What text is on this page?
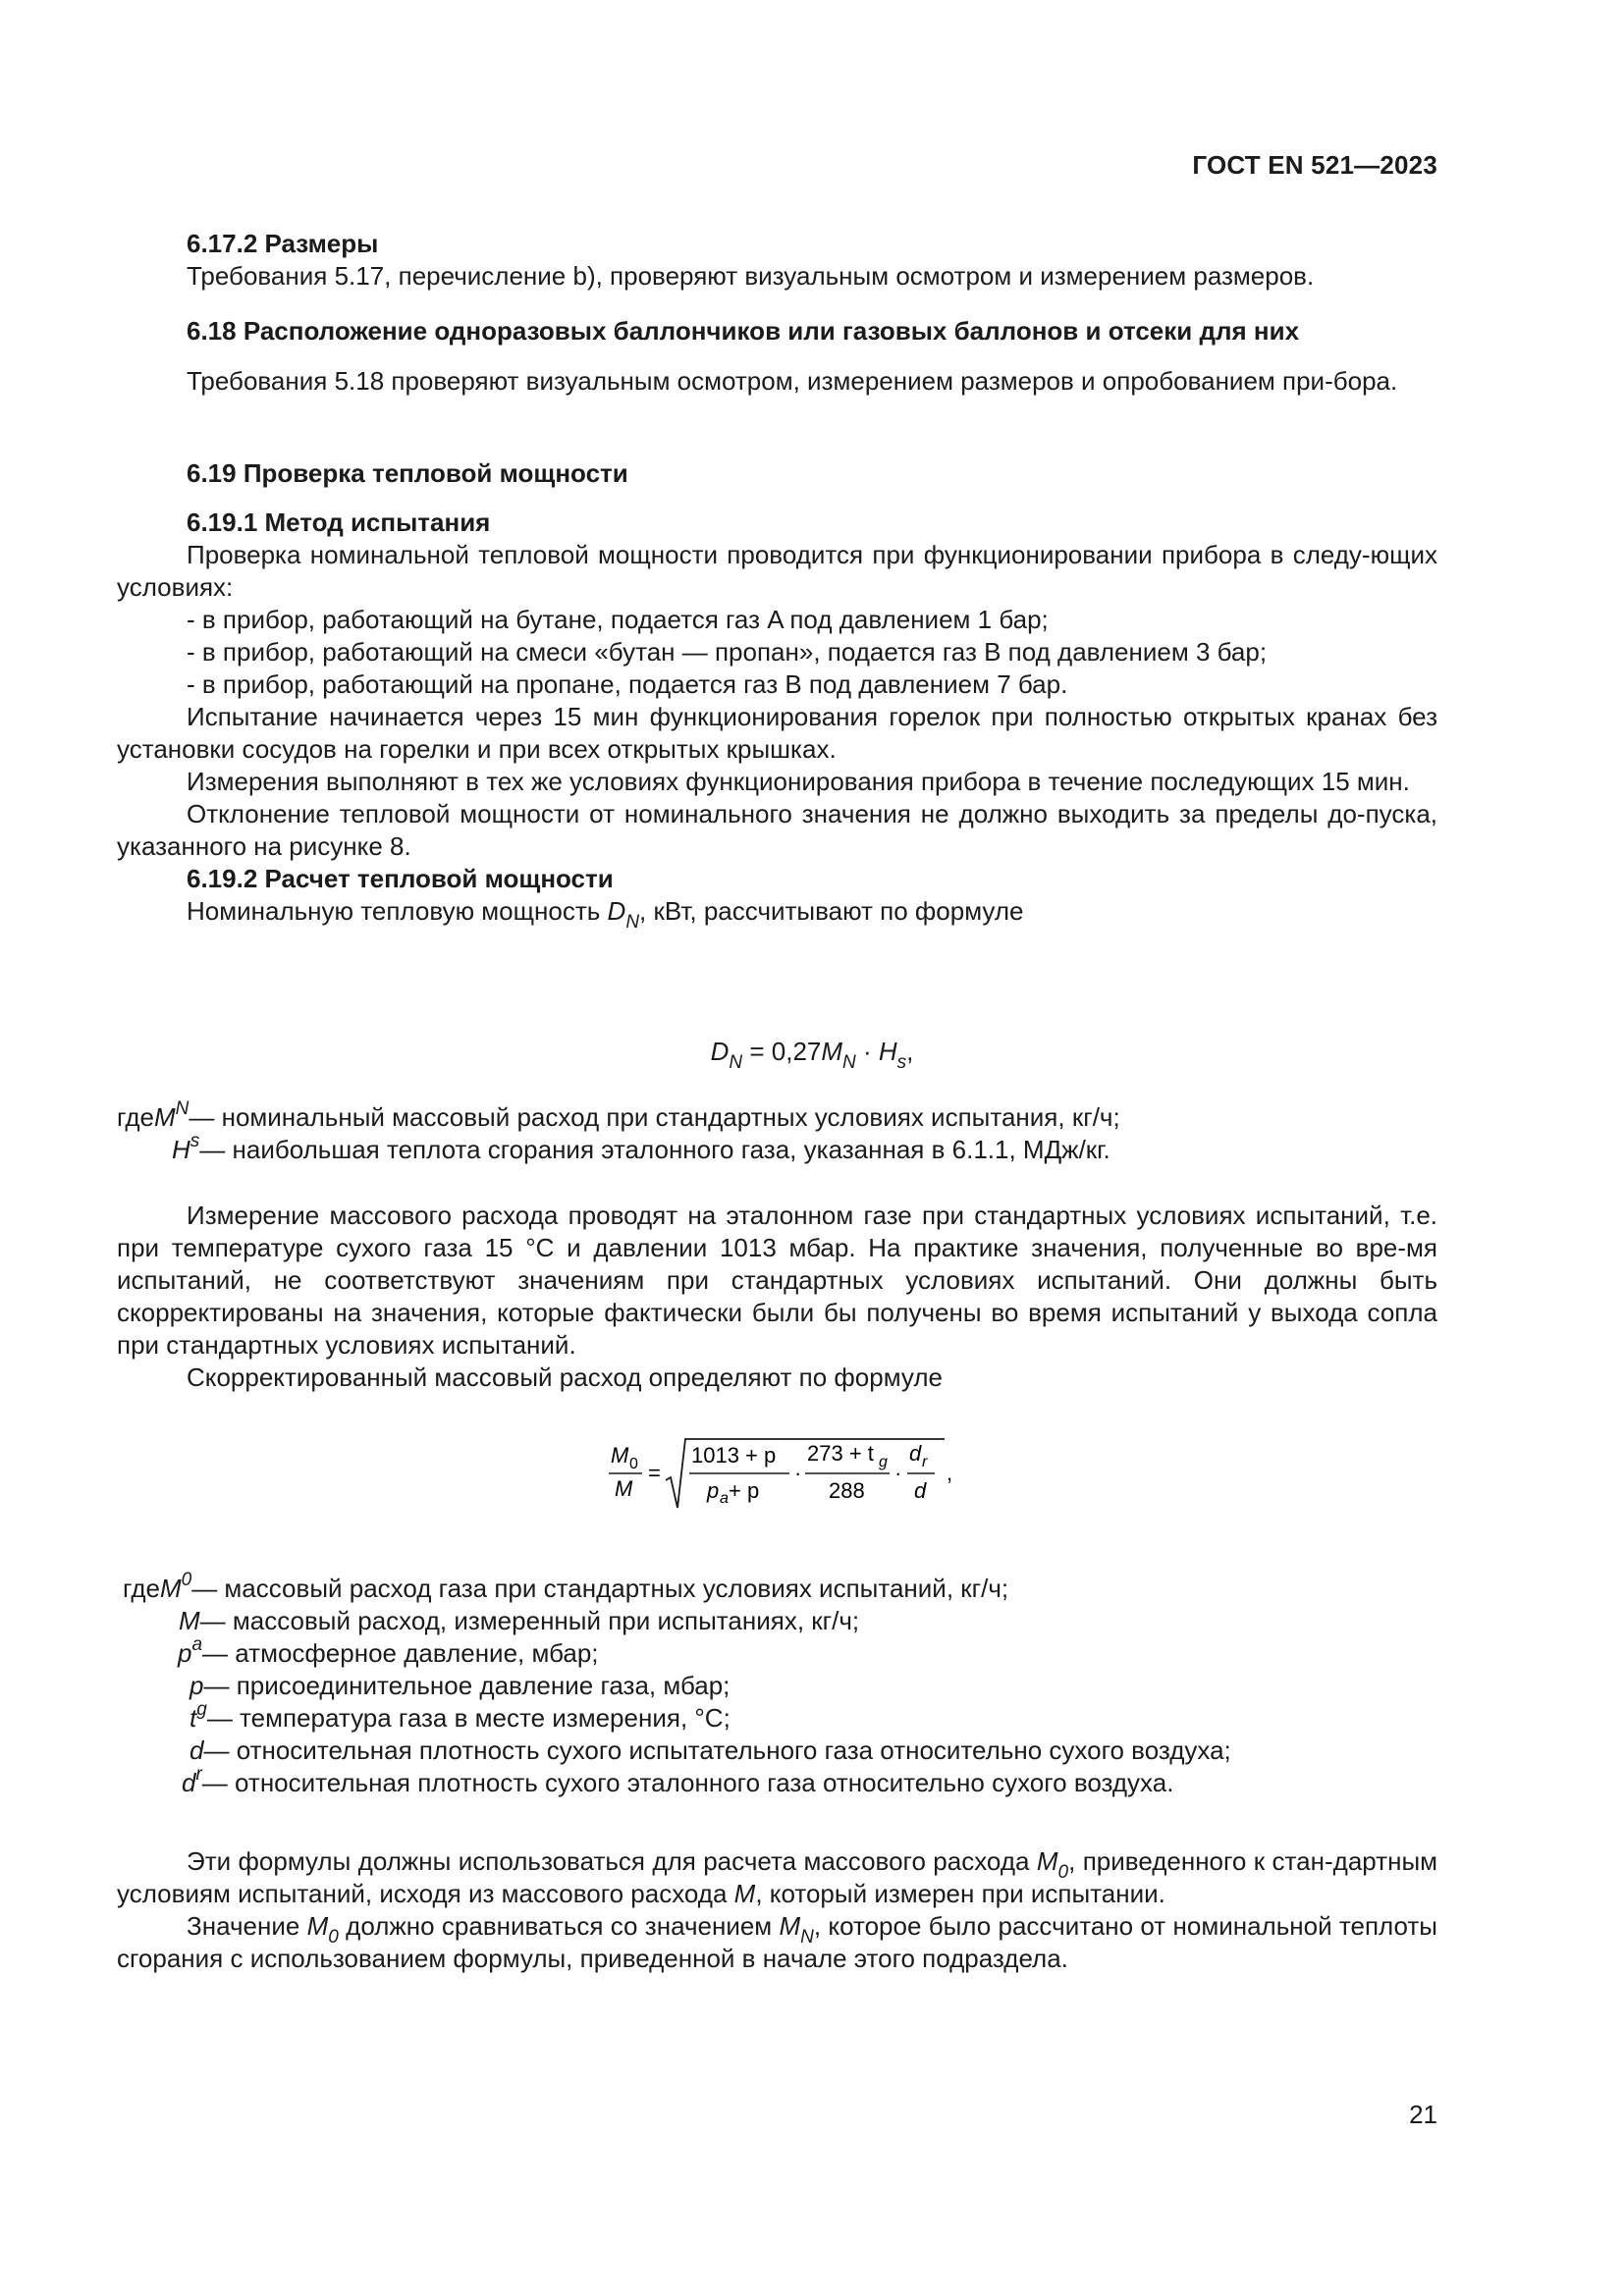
ГОСТ EN 521—2023

6.17.2 Размеры

Требования 5.17, перечисление b), проверяют визуальным осмотром и измерением размеров.

6.18 Расположение одноразовых баллончиков или газовых баллонов и отсеки для них

Требования 5.18 проверяют визуальным осмотром, измерением размеров и опробованием при-бора.

6.19 Проверка тепловой мощности

6.19.1 Метод испытания

Проверка номинальной тепловой мощности проводится при функционировании прибора в следу-ющих условиях:

- в прибор, работающий на бутане, подается газ A под давлением 1 бар;

- в прибор, работающий на смеси «бутан — пропан», подается газ B под давлением 3 бар;

- в прибор, работающий на пропане, подается газ B под давлением 7 бар.

Испытание начинается через 15 мин функционирования горелок при полностью открытых кранах без установки сосудов на горелки и при всех открытых крышках.

Измерения выполняют в тех же условиях функционирования прибора в течение последующих 15 мин.

Отклонение тепловой мощности от номинального значения не должно выходить за пределы до-пуска, указанного на рисунке 8.

6.19.2 Расчет тепловой мощности

Номинальную тепловую мощность $D_N$, кВт, рассчитывают по формуле

$D_N = 0,27M_N \cdot H_s$,
где $M_N$ — номинальный массовый расход при стандартных условиях испытания, кг/ч;
$H_s$ — наибольшая теплота сгорания эталонного газа, указанная в 6.1.1, МДж/кг.

Измерение массового расхода проводят на эталонном газе при стандартных условиях испытаний, т.е. при температуре сухого газа 15 °C и давлении 1013 мбар. На практике значения, полученные во вре-мя испытаний, не соответствуют значениям при стандартных условиях испытаний. Они должны быть скорректированы на значения, которые фактически были бы получены во время испытаний у выхода сопла при стандартных условиях испытаний.

Скорректированный массовый расход определяют по формуле

M 0
M
=
1013 + p
p a + p
·
273 + t g
288
·
d r
d
,
где $M_0$ — массовый расход газа при стандартных условиях испытаний, кг/ч;
M — массовый расход, измеренный при испытаниях, кг/ч;
$p_a$ — атмосферное давление, мбар;
p — присоединительное давление газа, мбар;
$t_g$ — температура газа в месте измерения, °C;
d — относительная плотность сухого испытательного газа относительно сухого воздуха;
$d_r$ — относительная плотность сухого эталонного газа относительно сухого воздуха.

Эти формулы должны использоваться для расчета массового расхода $M_0$, приведенного к стан-дартным условиям испытаний, исходя из массового расхода M, который измерен при испытании.

Значение $M_0$ должно сравниваться со значением $M_N$, которое было рассчитано от номинальной теплоты сгорания с использованием формулы, приведенной в начале этого подраздела.

21
